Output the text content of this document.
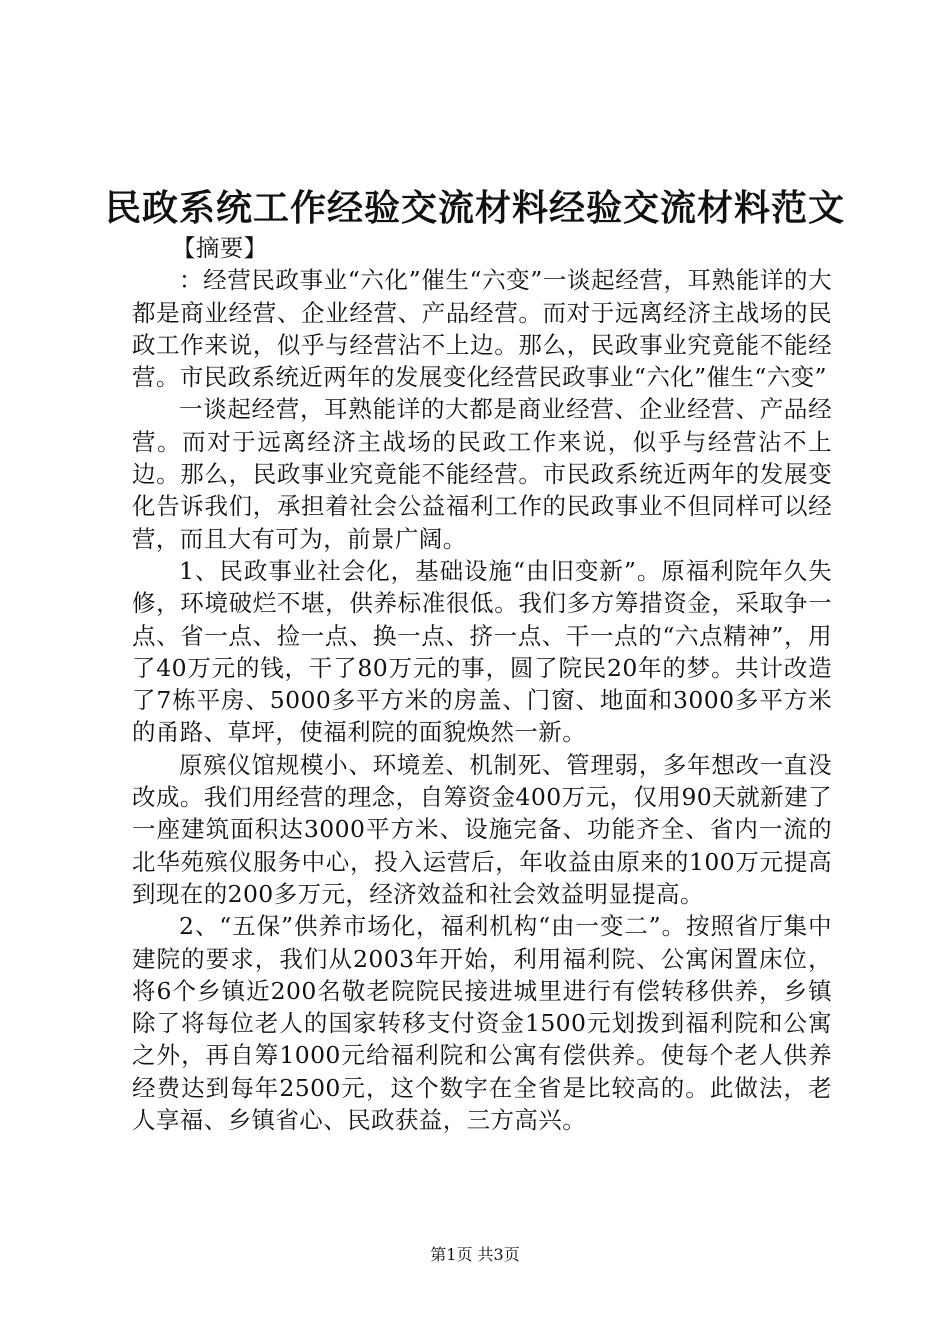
民政系统工作经验交流材料经验交流材料范文

【摘要】

：经营民政事业“六化”催生“六变”一谈起经营，耳熟能详的大都是商业经营、企业经营、产品经营。而对于远离经济主战场的民政工作来说，似乎与经营沾不上边。那么，民政事业究竟能不能经营。市民政系统近两年的发展变化经营民政事业“六化”催生“六变”

一谈起经营，耳熟能详的大都是商业经营、企业经营、产品经营。而对于远离经济主战场的民政工作来说，似乎与经营沾不上边。那么，民政事业究竟能不能经营。市民政系统近两年的发展变化告诉我们，承担着社会公益福利工作的民政事业不但同样可以经营，而且大有可为，前景广阔。

1、民政事业社会化，基础设施“由旧变新”。原福利院年久失修，环境破烂不堪，供养标准很低。我们多方筹措资金，采取争一点、省一点、捡一点、换一点、挤一点、干一点的“六点精神”，用了40万元的钱，干了80万元的事，圆了院民20年的梦。共计改造了7栋平房、5000多平方米的房盖、门窗、地面和3000多平方米的甬路、草坪，使福利院的面貌焕然一新。

原殡仪馆规模小、环境差、机制死、管理弱，多年想改一直没改成。我们用经营的理念，自筹资金400万元，仅用90天就新建了一座建筑面积达3000平方米、设施完备、功能齐全、省内一流的北华苑殡仪服务中心，投入运营后，年收益由原来的100万元提高到现在的200多万元，经济效益和社会效益明显提高。

2、“五保”供养市场化，福利机构“由一变二”。按照省厅集中建院的要求，我们从2003年开始，利用福利院、公寓闲置床位，将6个乡镇近200名敬老院院民接进城里进行有偿转移供养，乡镇除了将每位老人的国家转移支付资金1500元划拨到福利院和公寓之外，再自筹1000元给福利院和公寓有偿供养。使每个老人供养经费达到每年2500元，这个数字在全省是比较高的。此做法，老人享福、乡镇省心、民政获益，三方高兴。

第1页 共3页
